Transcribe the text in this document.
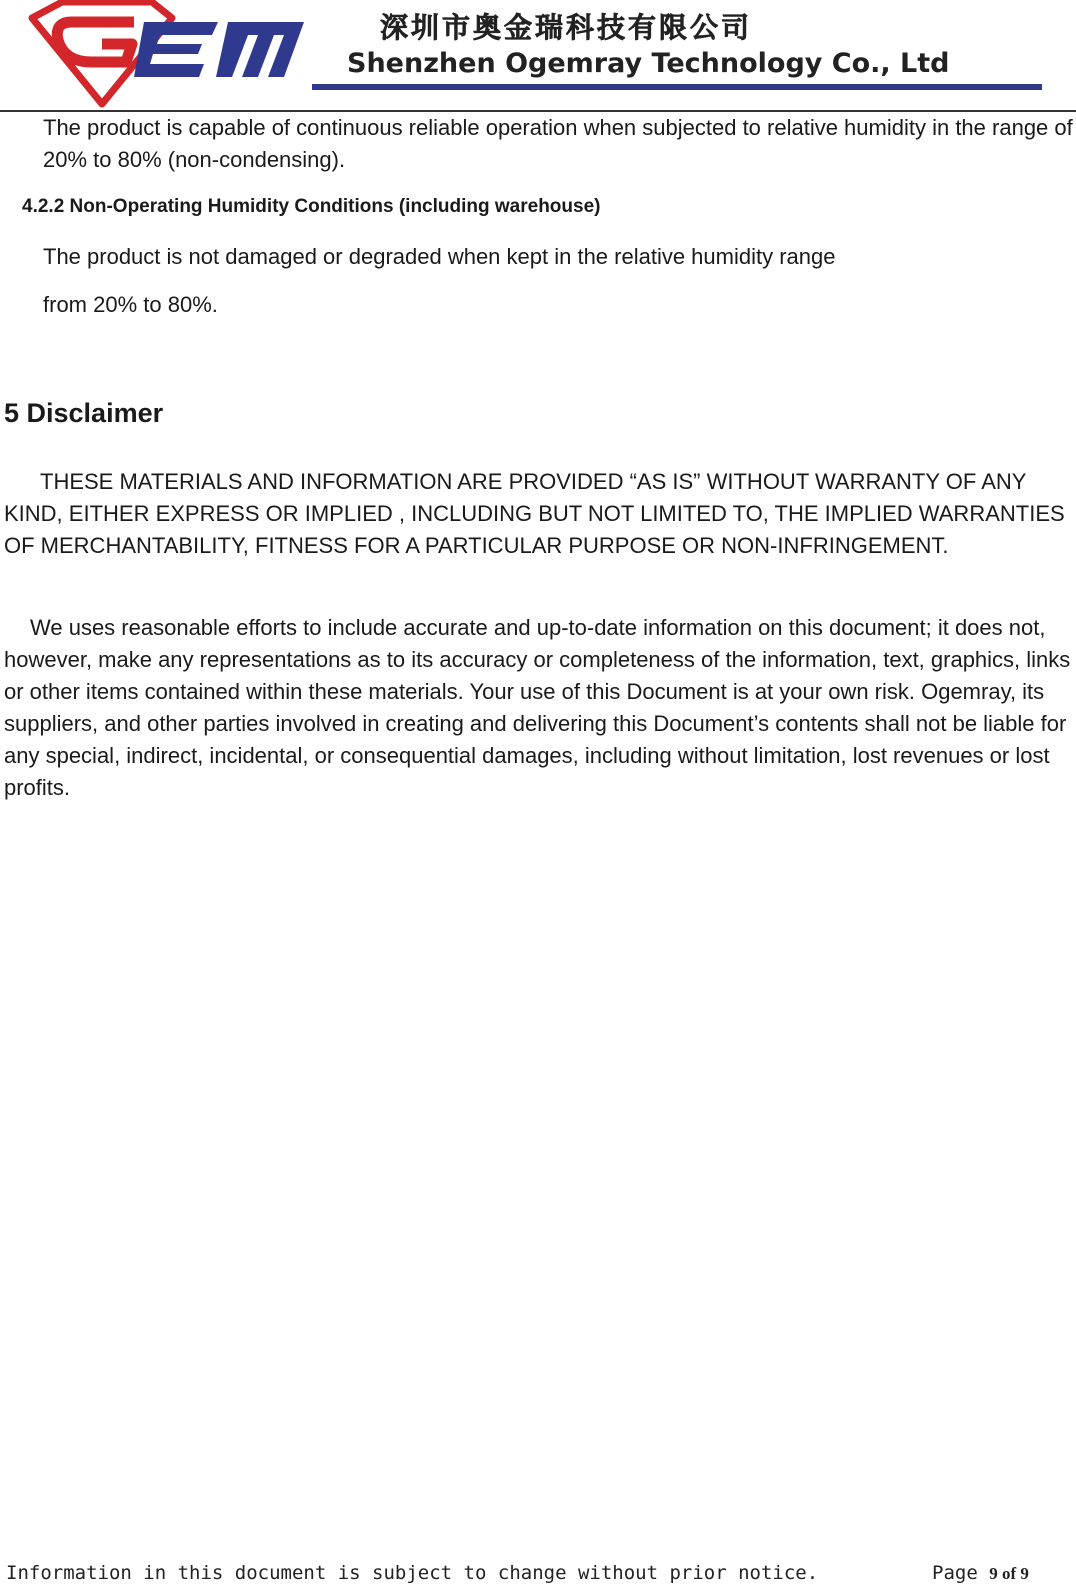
深圳市奥金瑞科技有限公司
Shenzhen Ogemray Technology Co., Ltd

The product is capable of continuous reliable operation when subjected to relative humidity in the range of 20% to 80% (non-condensing).

4.2.2 Non-Operating Humidity Conditions (including warehouse)

The product is not damaged or degraded when kept in the relative humidity range

from 20% to 80%.

5 Disclaimer

THESE MATERIALS AND INFORMATION ARE PROVIDED “AS IS” WITHOUT WARRANTY OF ANY KIND, EITHER EXPRESS OR IMPLIED , INCLUDING BUT NOT LIMITED TO, THE IMPLIED WARRANTIES OF MERCHANTABILITY, FITNESS FOR A PARTICULAR PURPOSE OR NON-INFRINGEMENT.

We uses reasonable efforts to include accurate and up-to-date information on this document; it does not, however, make any representations as to its accuracy or completeness of the information, text, graphics, links or other items contained within these materials. Your use of this Document is at your own risk. Ogemray, its suppliers, and other parties involved in creating and delivering this Document’s contents shall not be liable for any special, indirect, incidental, or consequential damages, including without limitation, lost revenues or lost profits.

Information in this document is subject to change without prior notice.	Page 9 of 9
